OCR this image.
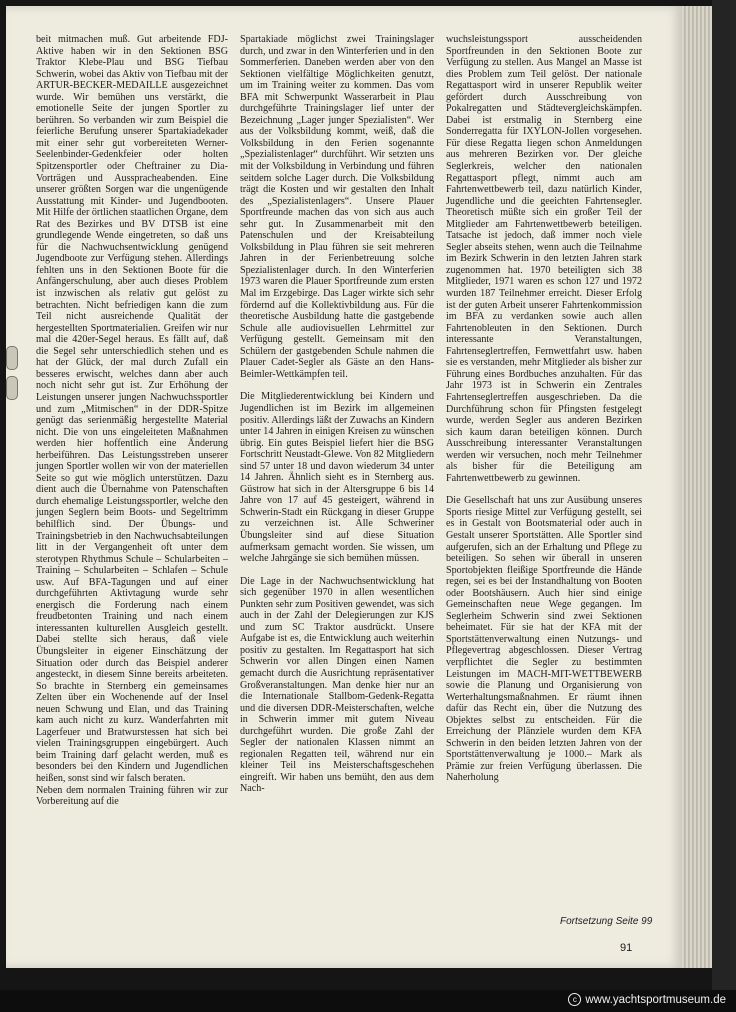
beit mitmachen muß. Gut arbeitende FDJ-Aktive haben wir in den Sektionen BSG Traktor Klebe-Plau und BSG Tiefbau Schwerin, wobei das Aktiv von Tiefbau mit der ARTUR-BECKER-MEDAILLE ausgezeichnet wurde. Wir bemühen uns verstärkt, die emotionelle Seite der jungen Sportler zu berühren. So verbanden wir zum Beispiel die feierliche Berufung unserer Spartakiadekader mit einer sehr gut vorbereiteten Werner-Seelenbinder-Gedenkfeier oder holten Spitzensportler oder Cheftrainer zu Dia-Vorträgen und Ausspracheabenden. Eine unserer größten Sorgen war die ungenügende Ausstattung mit Kinder- und Jugendbooten. Mit Hilfe der örtlichen staatlichen Organe, dem Rat des Bezirkes und BV DTSB ist eine grundlegende Wende eingetreten, so daß uns für die Nachwuchsentwicklung genügend Jugendboote zur Verfügung stehen. Allerdings fehlten uns in den Sektionen Boote für die Anfängerschulung, aber auch dieses Problem ist inzwischen als relativ gut gelöst zu betrachten. Nicht befriedigen kann die zum Teil nicht ausreichende Qualität der hergestellten Sportmaterialien. Greifen wir nur mal die 420er-Segel heraus. Es fällt auf, daß die Segel sehr unterschiedlich stehen und es hat der Glück, der mal durch Zufall ein besseres erwischt, welches dann aber auch noch nicht sehr gut ist. Zur Erhöhung der Leistungen unserer jungen Nachwuchssportler und zum „Mitmischen“ in der DDR-Spitze genügt das serienmäßig hergestellte Material nicht. Die von uns eingeleiteten Maßnahmen werden hier hoffentlich eine Änderung herbeiführen. Das Leistungsstreben unserer jungen Sportler wollen wir von der materiellen Seite so gut wie möglich unterstützen. Dazu dient auch die Übernahme von Patenschaften durch ehemalige Leistungssportler, welche den jungen Seglern beim Boots- und Segeltrimm behilflich sind. Der Übungs- und Trainingsbetrieb in den Nachwuchsabteilungen litt in der Vergangenheit oft unter dem sterotypen Rhythmus Schule – Schularbeiten – Training – Schularbeiten – Schlafen – Schule usw. Auf BFA-Tagungen und auf einer durchgeführten Aktivtagung wurde sehr energisch die Forderung nach einem freudbetonten Training und nach einem interessanten kulturellen Ausgleich gestellt. Dabei stellte sich heraus, daß viele Übungsleiter in eigener Einschätzung der Situation oder durch das Beispiel anderer angesteckt, in diesem Sinne bereits arbeiteten. So brachte in Sternberg ein gemeinsames Zelten über ein Wochenende auf der Insel neuen Schwung und Elan, und das Training kam auch nicht zu kurz. Wanderfahrten mit Lagerfeuer und Bratwurstessen hat sich bei vielen Trainingsgruppen eingebürgert. Auch beim Training darf gelacht werden, muß es besonders bei den Kindern und Jugendlichen heißen, sonst sind wir falsch beraten.

Neben dem normalen Training führen wir zur Vorbereitung auf die

Spartakiade möglichst zwei Trainingslager durch, und zwar in den Winterferien und in den Sommerferien. Daneben werden aber von den Sektionen vielfältige Möglichkeiten genutzt, um im Training weiter zu kommen. Das vom BFA mit Schwerpunkt Wasserarbeit in Plau durchgeführte Trainingslager lief unter der Bezeichnung „Lager junger Spezialisten“. Wer aus der Volksbildung kommt, weiß, daß die Volksbildung in den Ferien sogenannte „Spezialistenlager“ durchführt. Wir setzten uns mit der Volksbildung in Verbindung und führen seitdem solche Lager durch. Die Volksbildung trägt die Kosten und wir gestalten den Inhalt des „Spezialistenlagers“. Unsere Plauer Sportfreunde machen das von sich aus auch sehr gut. In Zusammenarbeit mit den Patenschulen und der Kreisabteilung Volksbildung in Plau führen sie seit mehreren Jahren in der Ferienbetreuung solche Spezialistenlager durch. In den Winterferien 1973 waren die Plauer Sportfreunde zum ersten Mal im Erzgebirge. Das Lager wirkte sich sehr fördernd auf die Kollektivbildung aus. Für die theoretische Ausbildung hatte die gastgebende Schule alle audiovisuellen Lehrmittel zur Verfügung gestellt. Gemeinsam mit den Schülern der gastgebenden Schule nahmen die Plauer Cadet-Segler als Gäste an den Hans-Beimler-Wettkämpfen teil.

Die Mitgliederentwicklung bei Kindern und Jugendlichen ist im Bezirk im allgemeinen positiv. Allerdings läßt der Zuwachs an Kindern unter 14 Jahren in einigen Kreisen zu wünschen übrig. Ein gutes Beispiel liefert hier die BSG Fortschritt Neustadt-Glewe. Von 82 Mitgliedern sind 57 unter 18 und davon wiederum 34 unter 14 Jahren. Ähnlich sieht es in Sternberg aus. Güstrow hat sich in der Altersgruppe 6 bis 14 Jahre von 17 auf 45 gesteigert, während in Schwerin-Stadt ein Rückgang in dieser Gruppe zu verzeichnen ist. Alle Schweriner Übungsleiter sind auf diese Situation aufmerksam gemacht worden. Sie wissen, um welche Jahrgänge sie sich bemühen müssen.

Die Lage in der Nachwuchsentwicklung hat sich gegenüber 1970 in allen wesentlichen Punkten sehr zum Positiven gewendet, was sich auch in der Zahl der Delegierungen zur KJS und zum SC Traktor ausdrückt. Unsere Aufgabe ist es, die Entwicklung auch weiterhin positiv zu gestalten. Im Regattasport hat sich Schwerin vor allen Dingen einen Namen gemacht durch die Ausrichtung repräsentativer Großveranstaltungen. Man denke hier nur an die Internationale Stallbom-Gedenk-Regatta und die diversen DDR-Meisterschaften, welche in Schwerin immer mit gutem Niveau durchgeführt wurden. Die große Zahl der Segler der nationalen Klassen nimmt an regionalen Regatten teil, während nur ein kleiner Teil ins Meisterschaftsgeschehen eingreift. Wir haben uns bemüht, den aus dem Nach-

wuchsleistungssport ausscheidenden Sportfreunden in den Sektionen Boote zur Verfügung zu stellen. Aus Mangel an Masse ist dies Problem zum Teil gelöst. Der nationale Regattasport wird in unserer Republik weiter gefördert durch Ausschreibung von Pokalregatten und Städtevergleichskämpfen. Dabei ist erstmalig in Sternberg eine Sonderregatta für IXYLON-Jollen vorgesehen. Für diese Regatta liegen schon Anmeldungen aus mehreren Bezirken vor. Der gleiche Seglerkreis, welcher den nationalen Regattasport pflegt, nimmt auch am Fahrtenwettbewerb teil, dazu natürlich Kinder, Jugendliche und die geeichten Fahrtensegler. Theoretisch müßte sich ein großer Teil der Mitglieder am Fahrtenwettbewerb beteiligen. Tatsache ist jedoch, daß immer noch viele Segler abseits stehen, wenn auch die Teilnahme im Bezirk Schwerin in den letzten Jahren stark zugenommen hat. 1970 beteiligten sich 38 Mitglieder, 1971 waren es schon 127 und 1972 wurden 187 Teilnehmer erreicht. Dieser Erfolg ist der guten Arbeit unserer Fahrtenkommission im BFA zu verdanken sowie auch allen Fahrtenobleuten in den Sektionen. Durch interessante Veranstaltungen, Fahrtenseglertreffen, Fernwettfahrt usw. haben sie es verstanden, mehr Mitglieder als bisher zur Führung eines Bordbuches anzuhalten. Für das Jahr 1973 ist in Schwerin ein Zentrales Fahrtenseglertreffen ausgeschrieben. Da die Durchführung schon für Pfingsten festgelegt wurde, werden Segler aus anderen Bezirken sich kaum daran beteiligen können. Durch Ausschreibung interessanter Veranstaltungen werden wir versuchen, noch mehr Teilnehmer als bisher für die Beteiligung am Fahrtenwettbewerb zu gewinnen.

Die Gesellschaft hat uns zur Ausübung unseres Sports riesige Mittel zur Verfügung gestellt, sei es in Gestalt von Bootsmaterial oder auch in Gestalt unserer Sportstätten. Alle Sportler sind aufgerufen, sich an der Erhaltung und Pflege zu beteiligen. So sehen wir überall in unseren Sportobjekten fleißige Sportfreunde die Hände regen, sei es bei der Instandhaltung von Booten oder Bootshäusern. Auch hier sind einige Gemeinschaften neue Wege gegangen. Im Seglerheim Schwerin sind zwei Sektionen beheimatet. Für sie hat der KFA mit der Sportstättenverwaltung einen Nutzungs- und Pflegevertrag abgeschlossen. Dieser Vertrag verpflichtet die Segler zu bestimmten Leistungen im MACH-MIT-WETTBEWERB sowie die Planung und Organisierung von Werterhaltungsmaßnahmen. Er räumt ihnen dafür das Recht ein, über die Nutzung des Objektes selbst zu entscheiden. Für die Erreichung der Plänziele wurden dem KFA Schwerin in den beiden letzten Jahren von der Sportstättenverwaltung je 1000.– Mark als Prämie zur freien Verfügung überlassen. Die Naherholung

Fortsetzung Seite 99
91
c www.yachtsportmuseum.de
